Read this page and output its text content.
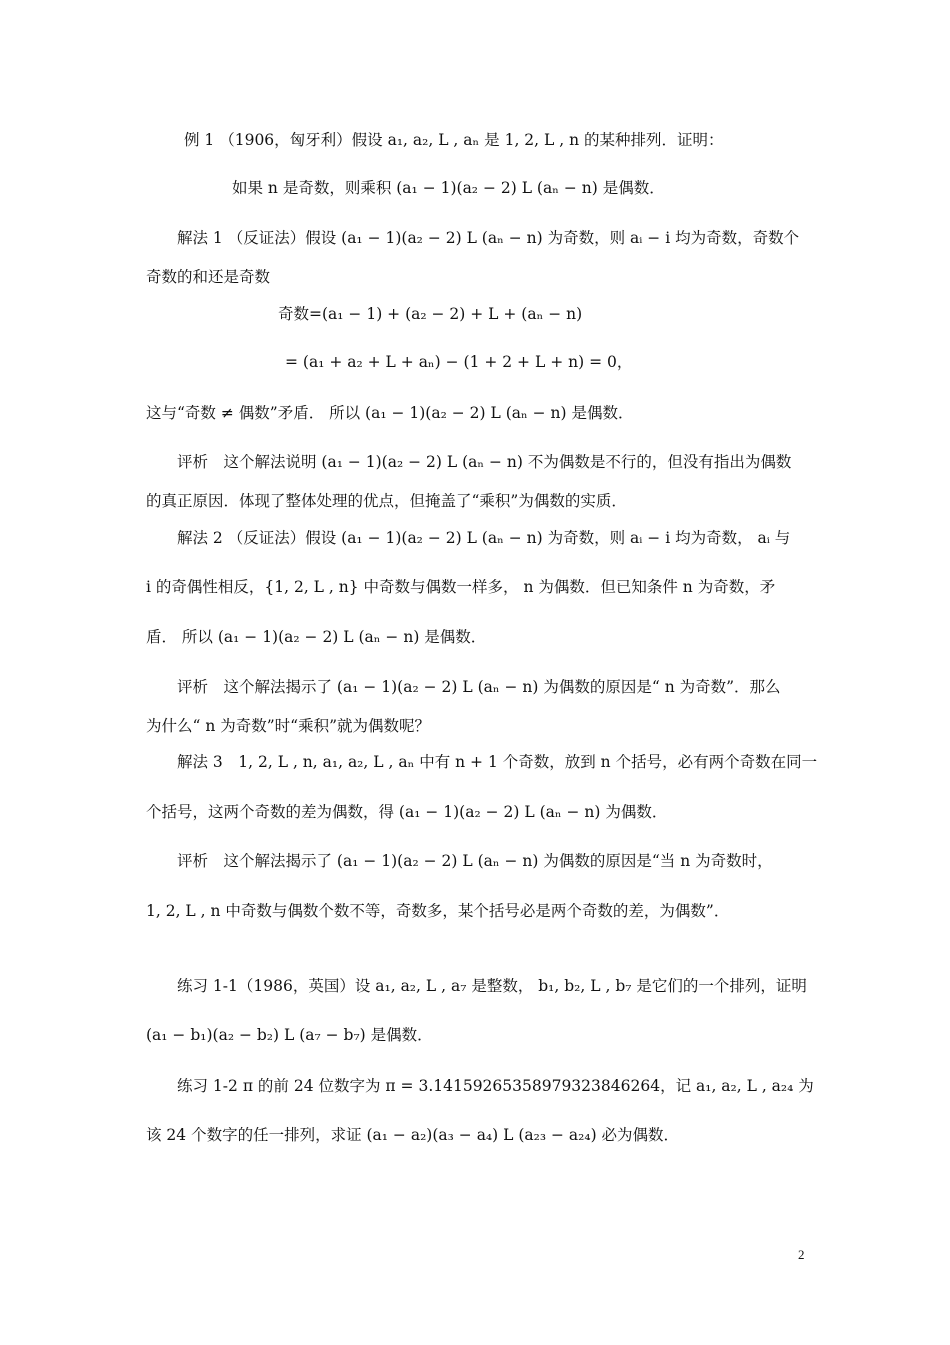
例 1 （1906，匈牙利）假设 a₁, a₂, L , aₙ 是 1, 2, L , n 的某种排列．证明：
如果 n 是奇数，则乘积 (a₁ − 1)(a₂ − 2) L (aₙ − n) 是偶数．
解法 1 （反证法）假设 (a₁ − 1)(a₂ − 2) L (aₙ − n) 为奇数，则 aᵢ − i 均为奇数，奇数个
奇数的和还是奇数
奇数=(a₁ − 1) + (a₂ − 2) + L + (aₙ − n)
= (a₁ + a₂ + L + aₙ) − (1 + 2 + L + n) = 0，
这与“奇数 ≠ 偶数”矛盾． 所以 (a₁ − 1)(a₂ − 2) L (aₙ − n) 是偶数．
评析　这个解法说明 (a₁ − 1)(a₂ − 2) L (aₙ − n) 不为偶数是不行的，但没有指出为偶数
的真正原因．体现了整体处理的优点，但掩盖了“乘积”为偶数的实质．
解法 2 （反证法）假设 (a₁ − 1)(a₂ − 2) L (aₙ − n) 为奇数，则 aᵢ − i 均为奇数， aᵢ 与
i 的奇偶性相反，{1, 2, L , n} 中奇数与偶数一样多， n 为偶数．但已知条件 n 为奇数，矛
盾． 所以 (a₁ − 1)(a₂ − 2) L (aₙ − n) 是偶数．
评析　这个解法揭示了 (a₁ − 1)(a₂ − 2) L (aₙ − n) 为偶数的原因是“ n 为奇数”．那么
为什么“ n 为奇数”时“乘积”就为偶数呢？
解法 3　1, 2, L , n, a₁, a₂, L , aₙ 中有 n + 1 个奇数，放到 n 个括号，必有两个奇数在同一
个括号，这两个奇数的差为偶数，得 (a₁ − 1)(a₂ − 2) L (aₙ − n) 为偶数．
评析　这个解法揭示了 (a₁ − 1)(a₂ − 2) L (aₙ − n) 为偶数的原因是“当 n 为奇数时，
1, 2, L , n 中奇数与偶数个数不等，奇数多，某个括号必是两个奇数的差，为偶数”．
练习 1-1（1986，英国）设 a₁, a₂, L , a₇ 是整数， b₁, b₂, L , b₇ 是它们的一个排列，证明
(a₁ − b₁)(a₂ − b₂) L (a₇ − b₇) 是偶数．
练习 1-2 π 的前 24 位数字为 π = 3.14159265358979323846264，记 a₁, a₂, L , a₂₄ 为
该 24 个数字的任一排列，求证 (a₁ − a₂)(a₃ − a₄) L (a₂₃ − a₂₄) 必为偶数．
2
